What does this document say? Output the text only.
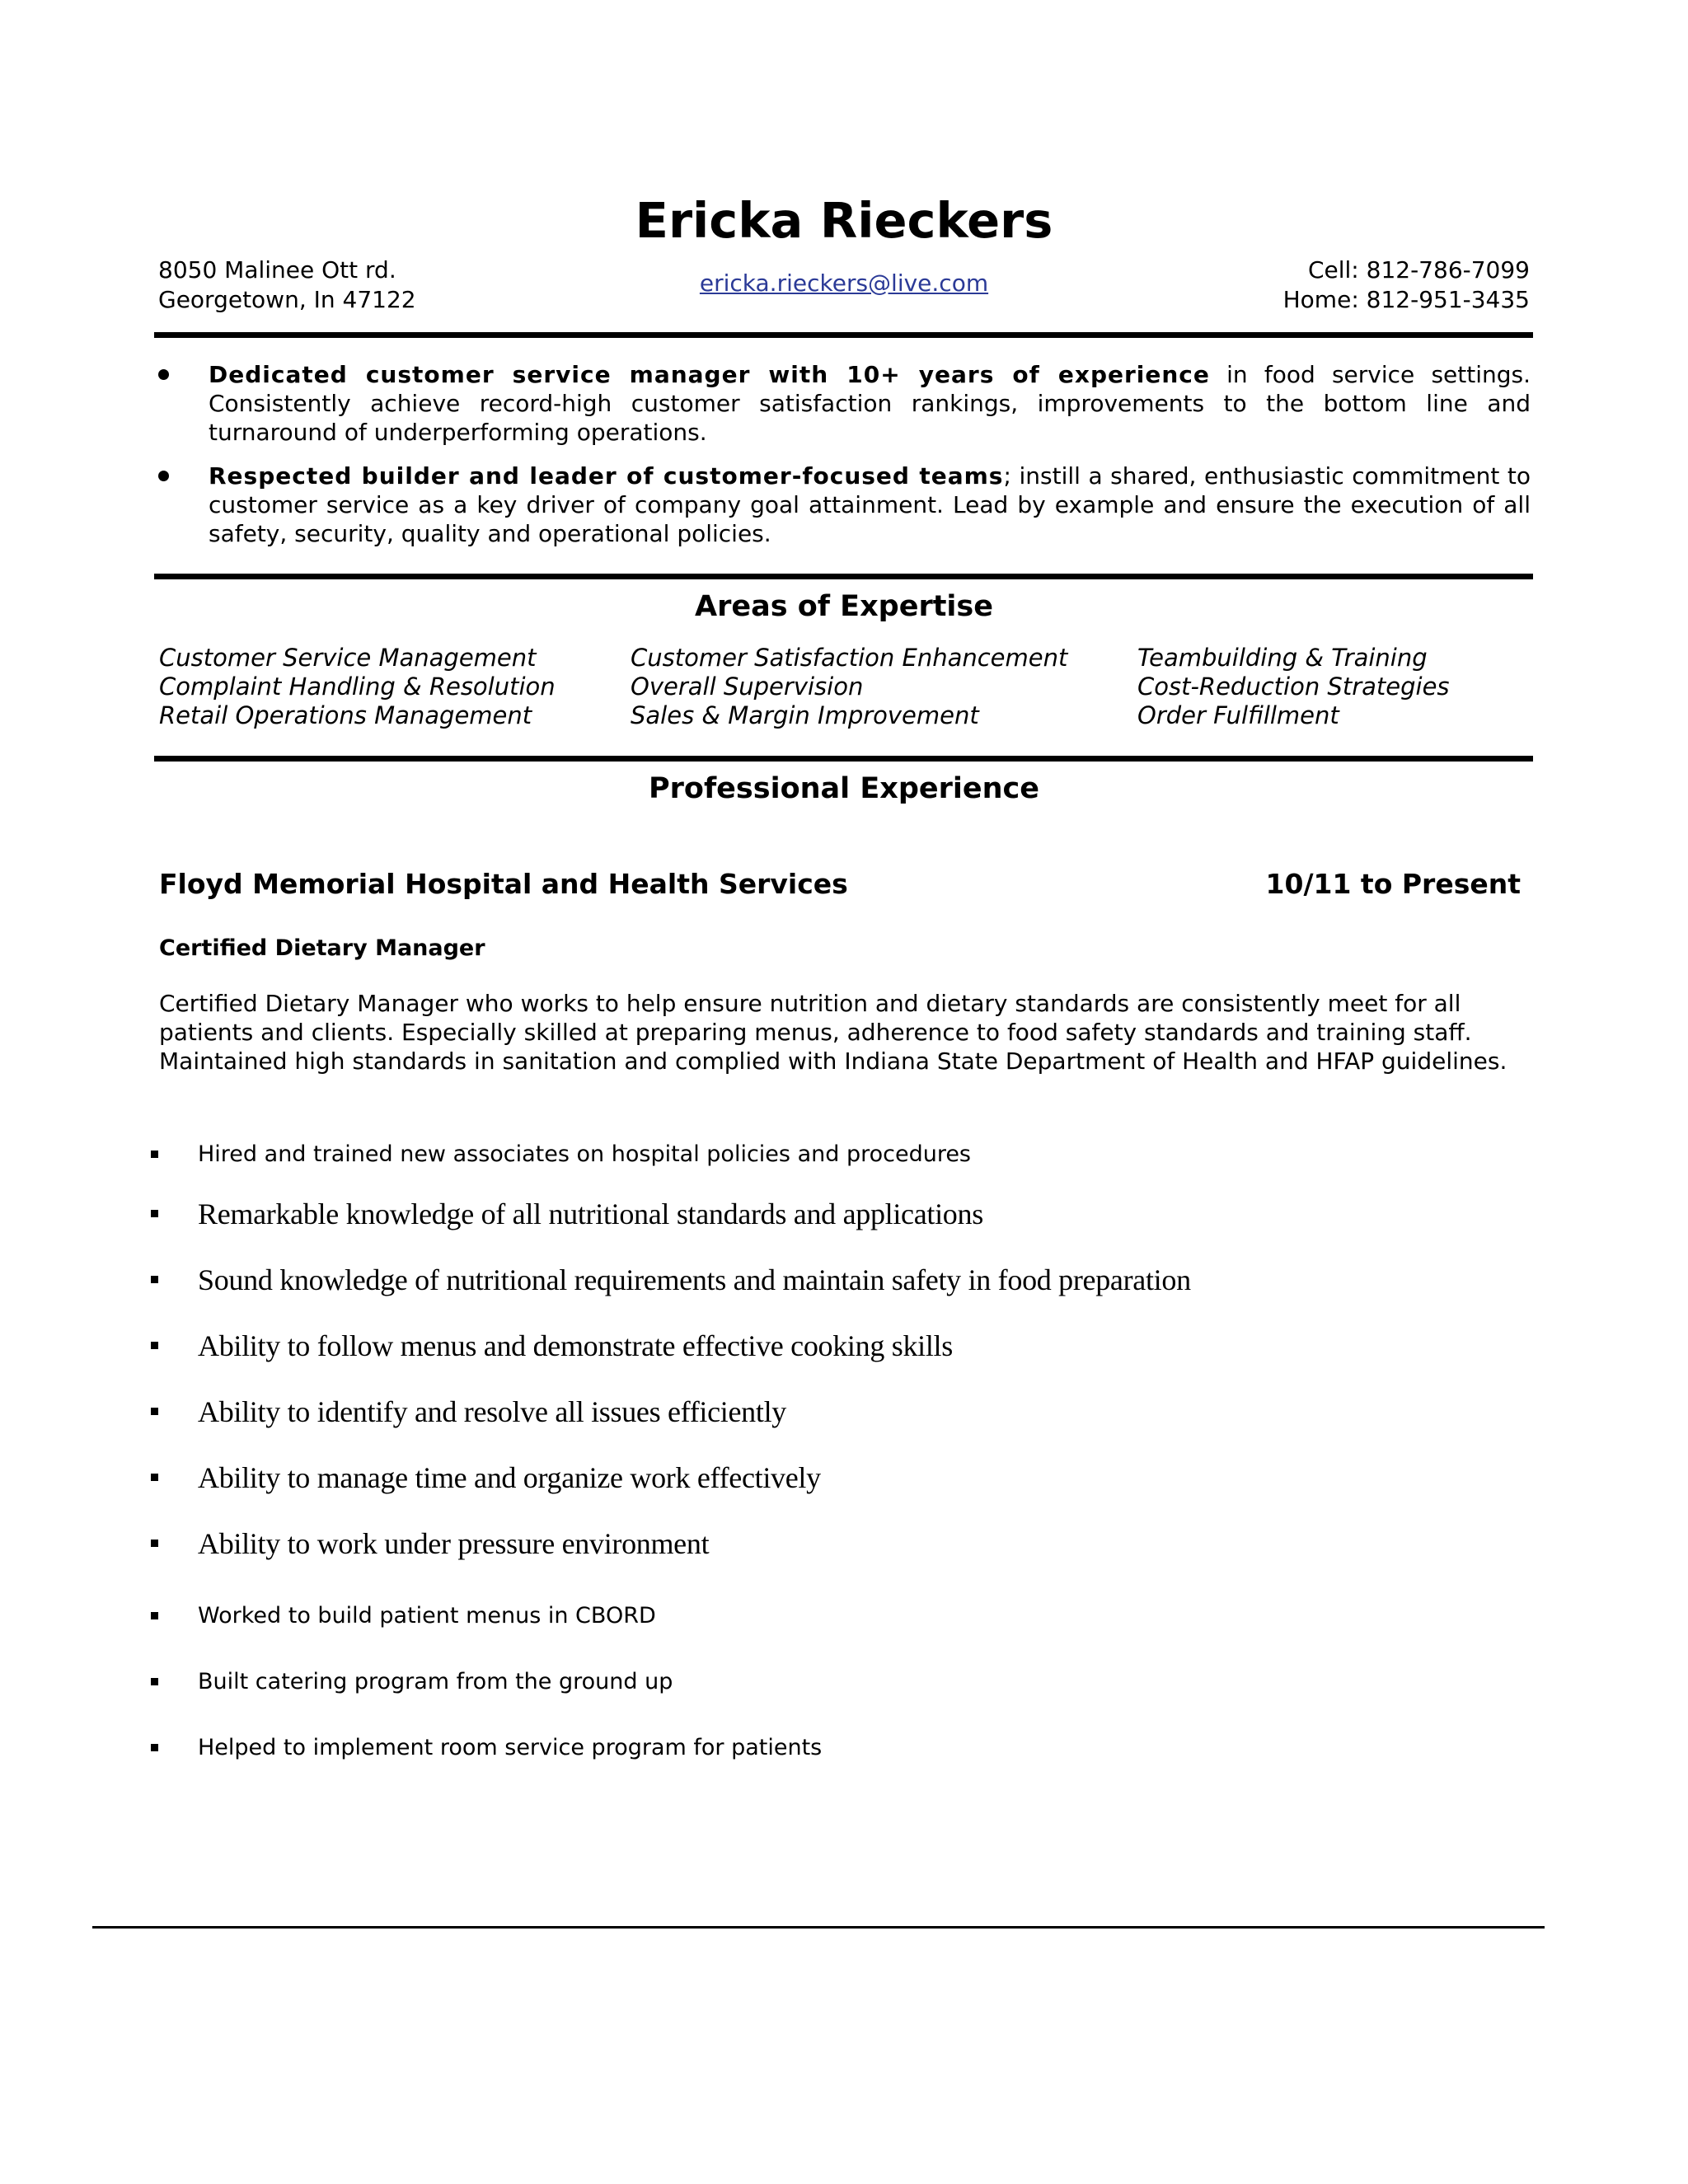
Ericka Rieckers
8050 Malinee Ott rd.
Georgetown, In 47122
ericka.rieckers@live.com	Cell: 812-786-7099
Home: 812-951-3435
Dedicated customer service manager with 10+ years of experience in food service settings. Consistently achieve record-high customer satisfaction rankings, improvements to the bottom line and turnaround of underperforming operations.
Respected builder and leader of customer-focused teams; instill a shared, enthusiastic commitment to customer service as a key driver of company goal attainment. Lead by example and ensure the execution of all safety, security, quality and operational policies.
Areas of Expertise
Customer Service Management
Complaint Handling & Resolution
Retail Operations Management
Customer Satisfaction Enhancement
Overall Supervision
Sales & Margin Improvement
Teambuilding & Training
Cost-Reduction Strategies
Order Fulfillment
Professional Experience
Floyd Memorial Hospital and Health Services	10/11 to Present
Certified Dietary Manager
Certified Dietary Manager who works to help ensure nutrition and dietary standards are consistently meet for all patients and clients. Especially skilled at preparing menus, adherence to food safety standards and training staff. Maintained high standards in sanitation and complied with Indiana State Department of Health and HFAP guidelines.
Hired and trained new associates on hospital policies and procedures
Remarkable knowledge of all nutritional standards and applications
Sound knowledge of nutritional requirements and maintain safety in food preparation
Ability to follow menus and demonstrate effective cooking skills
Ability to identify and resolve all issues efficiently
Ability to manage time and organize work effectively
Ability to work under pressure environment
Worked to build patient menus in CBORD
Built catering program from the ground up
Helped to implement room service program for patients
